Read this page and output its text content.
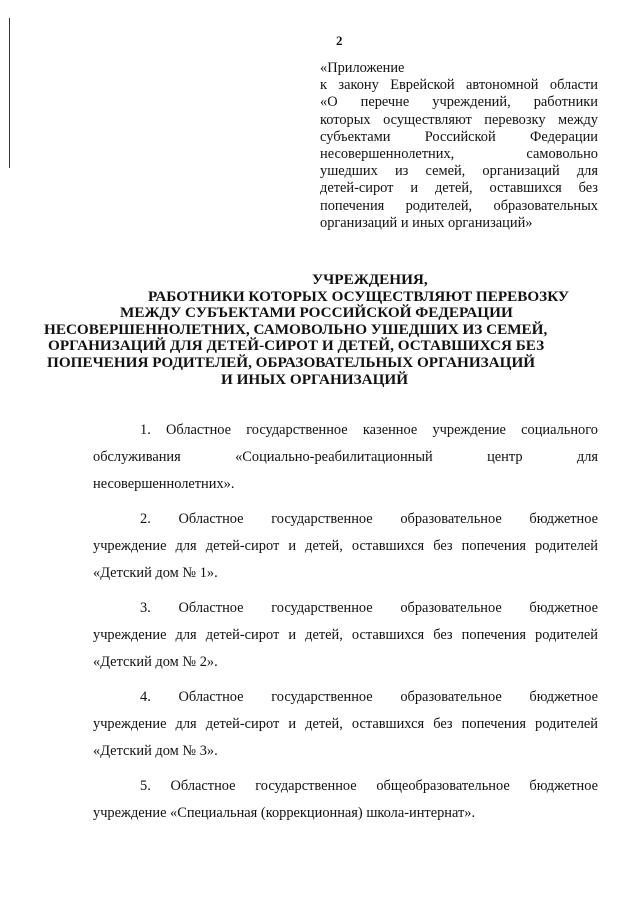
2
«Приложение
к закону Еврейской автономной области
«О перечне учреждений, работники
которых осуществляют перевозку между
субъектами Российской Федерации
несовершеннолетних, самовольно
ушедших из семей, организаций для
детей-сирот и детей, оставшихся без
попечения родителей, образовательных
организаций и иных организаций»
УЧРЕЖДЕНИЯ,
РАБОТНИКИ КОТОРЫХ ОСУЩЕСТВЛЯЮТ ПЕРЕВОЗКУ
МЕЖДУ СУБЪЕКТАМИ РОССИЙСКОЙ ФЕДЕРАЦИИ
НЕСОВЕРШЕННОЛЕТНИХ, САМОВОЛЬНО УШЕДШИХ ИЗ СЕМЕЙ,
ОРГАНИЗАЦИЙ ДЛЯ ДЕТЕЙ-СИРОТ И ДЕТЕЙ, ОСТАВШИХСЯ БЕЗ
ПОПЕЧЕНИЯ РОДИТЕЛЕЙ, ОБРАЗОВАТЕЛЬНЫХ ОРГАНИЗАЦИЙ
И ИНЫХ ОРГАНИЗАЦИЙ
1. Областное государственное казенное учреждение социального
обслуживания «Социально-реабилитационный центр для
несовершеннолетних».
2. Областное государственное образовательное бюджетное
учреждение для детей-сирот и детей, оставшихся без попечения родителей
«Детский дом № 1».
3. Областное государственное образовательное бюджетное
учреждение для детей-сирот и детей, оставшихся без попечения родителей
«Детский дом № 2».
4. Областное государственное образовательное бюджетное
учреждение для детей-сирот и детей, оставшихся без попечения родителей
«Детский дом № 3».
5. Областное государственное общеобразовательное бюджетное
учреждение «Специальная (коррекционная) школа-интернат».
